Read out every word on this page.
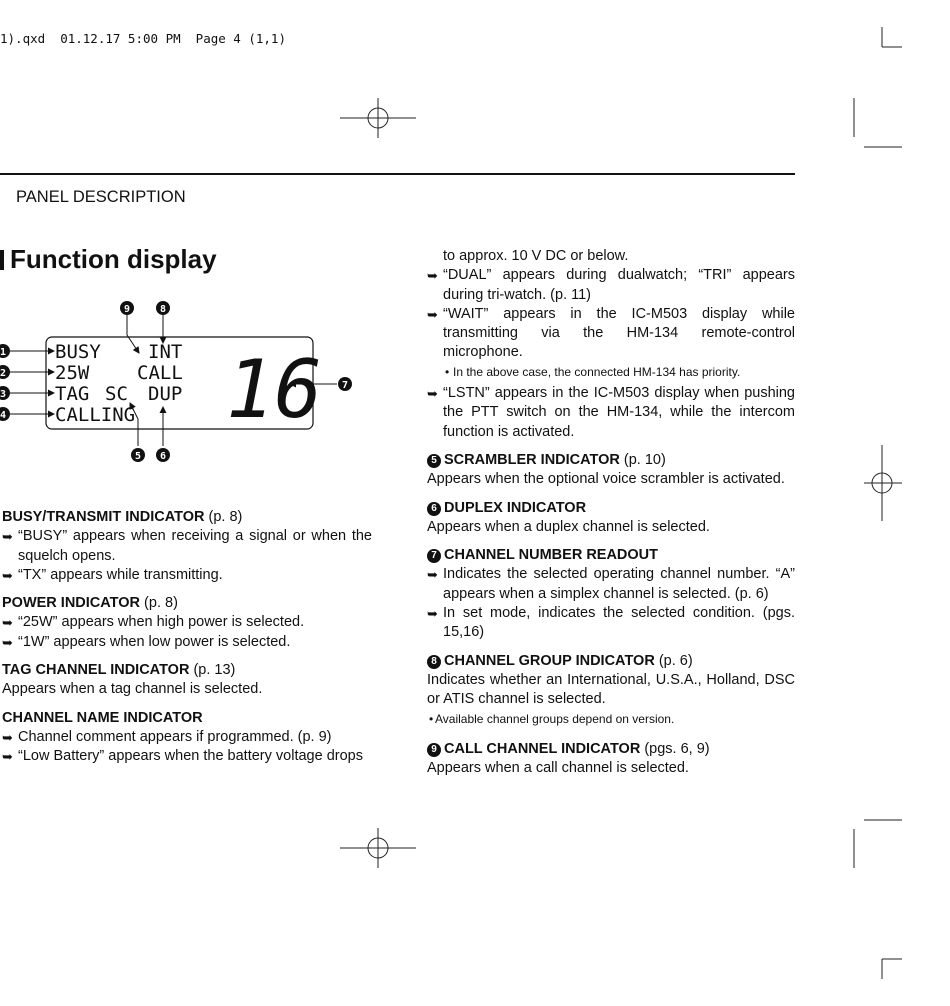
1).qxd  01.12.17 5:00 PM  Page 4 (1,1)
PANEL DESCRIPTION
Function display
BUSY INT
25W	CALL
TAG SC DUP
CALLING 16
1
2
3
4
5 6
7
8
9

BUSY/TRANSMIT INDICATOR (p. 8)

➥ “BUSY” appears when receiving a signal or when the squelch opens.

➥ “TX” appears while transmitting.

POWER INDICATOR (p. 8)

➥ “25W” appears when high power is selected.

➥ “1W” appears when low power is selected.

TAG CHANNEL INDICATOR (p. 13)

Appears when a tag channel is selected.

CHANNEL NAME INDICATOR

➥ Channel comment appears if programmed. (p. 9)

➥ “Low Battery” appears when the battery voltage drops

to approx. 10 V DC or below.

➥ “DUAL” appears during dualwatch; “TRI” appears during tri-watch. (p. 11)

➥ “WAIT” appears in the IC-M503 display while transmitting via the HM-134 remote-control microphone.

• In the above case, the connected HM-134 has priority.

➥ “LSTN” appears in the IC-M503 display when pushing the PTT switch on the HM-134, while the intercom function is activated.

5 SCRAMBLER INDICATOR (p. 10)

Appears when the optional voice scrambler is activated.

6 DUPLEX INDICATOR

Appears when a duplex channel is selected.

7 CHANNEL NUMBER READOUT

➥ Indicates the selected operating channel number. “A” appears when a simplex channel is selected. (p. 6)

➥ In set mode, indicates the selected condition. (pgs. 15,16)

8 CHANNEL GROUP INDICATOR (p. 6)

Indicates whether an International, U.S.A., Holland, DSC or ATIS channel is selected.

• Available channel groups depend on version.

9 CALL CHANNEL INDICATOR (pgs. 6, 9)

Appears when a call channel is selected.
